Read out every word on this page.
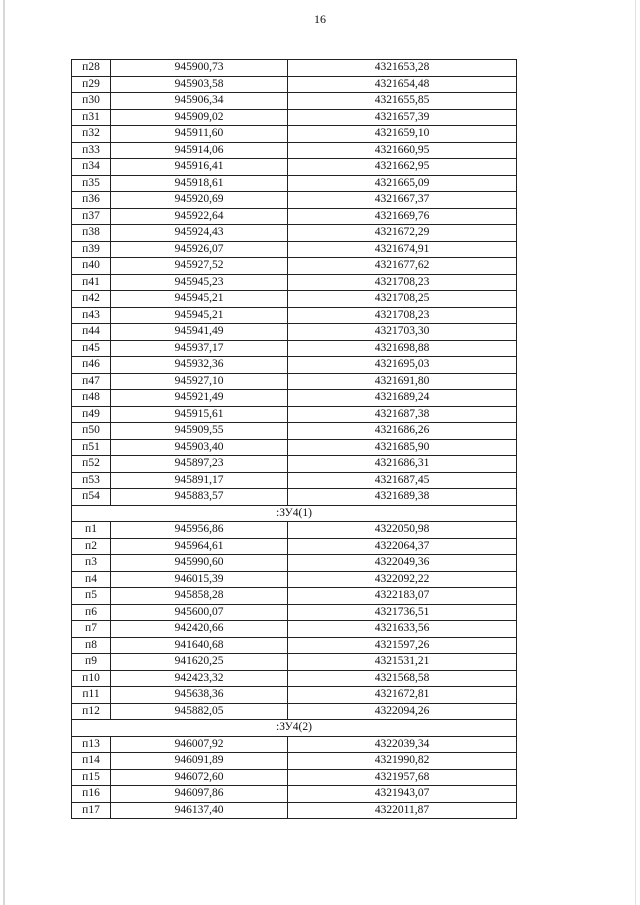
16
п28	945900,73	4321653,28
п29	945903,58	4321654,48
п30	945906,34	4321655,85
п31	945909,02	4321657,39
п32	945911,60	4321659,10
п33	945914,06	4321660,95
п34	945916,41	4321662,95
п35	945918,61	4321665,09
п36	945920,69	4321667,37
п37	945922,64	4321669,76
п38	945924,43	4321672,29
п39	945926,07	4321674,91
п40	945927,52	4321677,62
п41	945945,23	4321708,23
п42	945945,21	4321708,25
п43	945945,21	4321708,23
п44	945941,49	4321703,30
п45	945937,17	4321698,88
п46	945932,36	4321695,03
п47	945927,10	4321691,80
п48	945921,49	4321689,24
п49	945915,61	4321687,38
п50	945909,55	4321686,26
п51	945903,40	4321685,90
п52	945897,23	4321686,31
п53	945891,17	4321687,45
п54	945883,57	4321689,38
:ЗУ4(1)		
п1	945956,86	4322050,98
п2	945964,61	4322064,37
п3	945990,60	4322049,36
п4	946015,39	4322092,22
п5	945858,28	4322183,07
п6	945600,07	4321736,51
п7	942420,66	4321633,56
п8	941640,68	4321597,26
п9	941620,25	4321531,21
п10	942423,32	4321568,58
п11	945638,36	4321672,81
п12	945882,05	4322094,26
:ЗУ4(2)		
п13	946007,92	4322039,34
п14	946091,89	4321990,82
п15	946072,60	4321957,68
п16	946097,86	4321943,07
п17	946137,40	4322011,87
